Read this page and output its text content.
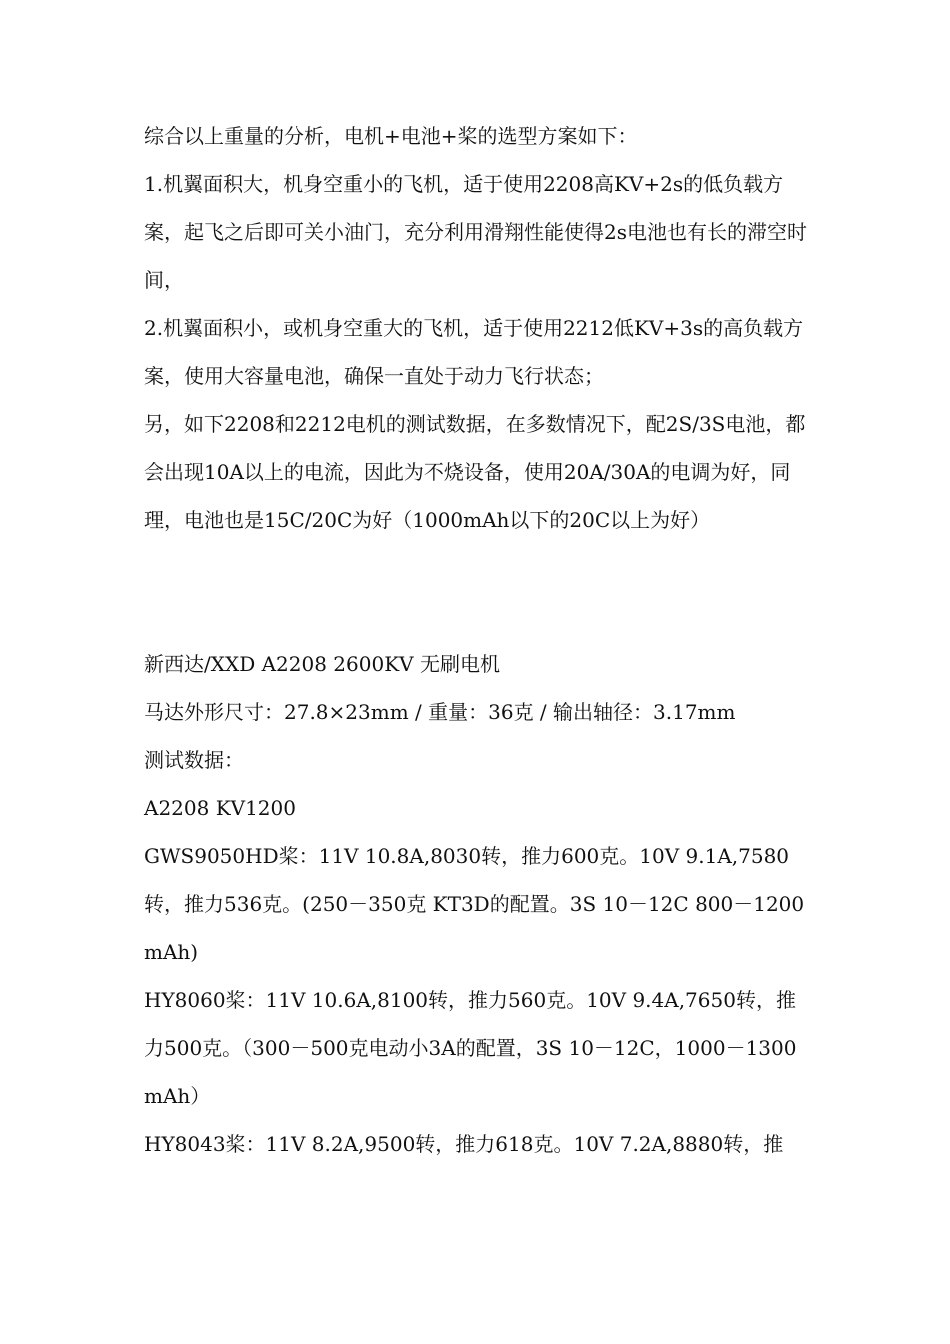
综合以上重量的分析，电机+电池+桨的选型方案如下：

1.机翼面积大，机身空重小的飞机，适于使用2208高KV+2s的低负载方案，起飞之后即可关小油门，充分利用滑翔性能使得2s电池也有长的滞空时间，

2.机翼面积小，或机身空重大的飞机，适于使用2212低KV+3s的高负载方案，使用大容量电池，确保一直处于动力飞行状态；

另，如下2208和2212电机的测试数据，在多数情况下，配2S/3S电池，都会出现10A以上的电流，因此为不烧设备，使用20A/30A的电调为好，同理，电池也是15C/20C为好（1000mAh以下的20C以上为好）

新西达/XXD A2208 2600KV 无刷电机

马达外形尺寸：27.8×23mm / 重量：36克 / 输出轴径：3.17mm

测试数据：

A2208 KV1200

GWS9050HD桨：11V 10.8A,8030转，推力600克。10V 9.1A,7580转，推力536克。(250－350克 KT3D的配置。3S 10－12C 800－1200mAh)

HY8060桨：11V 10.6A,8100转，推力560克。10V 9.4A,7650转，推力500克。（300－500克电动小3A的配置，3S 10－12C，1000－1300mAh）

HY8043桨：11V 8.2A,9500转，推力618克。10V 7.2A,8880转，推
